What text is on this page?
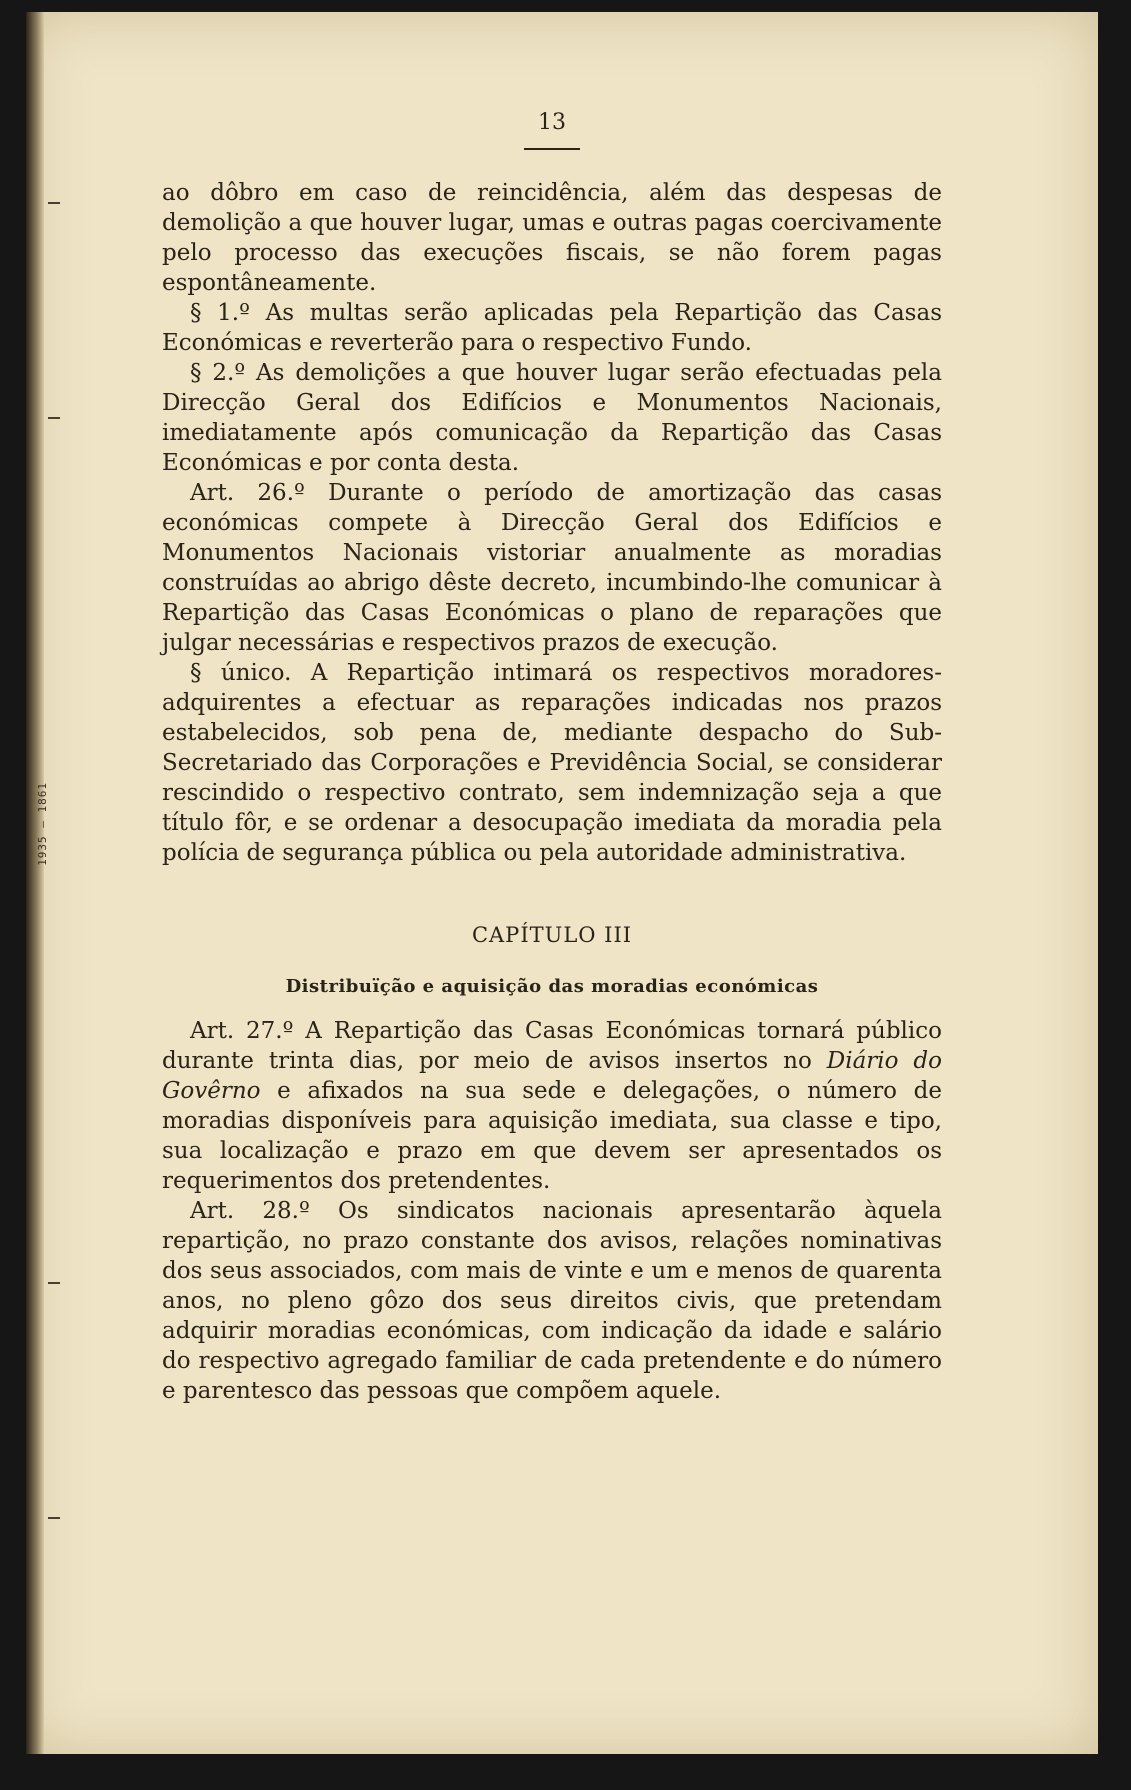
1935 — 1861
13

ao dôbro em caso de reincidência, além das despesas de demolição a que houver lugar, umas e outras pagas coercivamente pelo processo das execuções fiscais, se não forem pagas espontâneamente.

§ 1.º As multas serão aplicadas pela Repartição das Casas Económicas e reverterão para o respectivo Fundo.

§ 2.º As demolições a que houver lugar serão efectuadas pela Direcção Geral dos Edifícios e Monumentos Nacionais, imediatamente após comunicação da Repartição das Casas Económicas e por conta desta.

Art. 26.º Durante o período de amortização das casas económicas compete à Direcção Geral dos Edifícios e Monumentos Nacionais vistoriar anualmente as moradias construídas ao abrigo dêste decreto, incumbindo-lhe comunicar à Repartição das Casas Económicas o plano de reparações que julgar necessárias e respectivos prazos de execução.

§ único. A Repartição intimará os respectivos moradores-adquirentes a efectuar as reparações indicadas nos prazos estabelecidos, sob pena de, mediante despacho do Sub-Secretariado das Corporações e Previdência Social, se considerar rescindido o respectivo contrato, sem indemnização seja a que título fôr, e se ordenar a desocupação imediata da moradia pela polícia de segurança pública ou pela autoridade administrativa.

CAPÍTULO III
Distribuïção e aquisição das moradias económicas

Art. 27.º A Repartição das Casas Económicas tornará público durante trinta dias, por meio de avisos insertos no Diário do Govêrno e afixados na sua sede e delegações, o número de moradias disponíveis para aquisição imediata, sua classe e tipo, sua localização e prazo em que devem ser apresentados os requerimentos dos pretendentes.

Art. 28.º Os sindicatos nacionais apresentarão àquela repartição, no prazo constante dos avisos, relações nominativas dos seus associados, com mais de vinte e um e menos de quarenta anos, no pleno gôzo dos seus direitos civis, que pretendam adquirir moradias económicas, com indicação da idade e salário do respectivo agregado familiar de cada pretendente e do número e parentesco das pessoas que compõem aquele.
